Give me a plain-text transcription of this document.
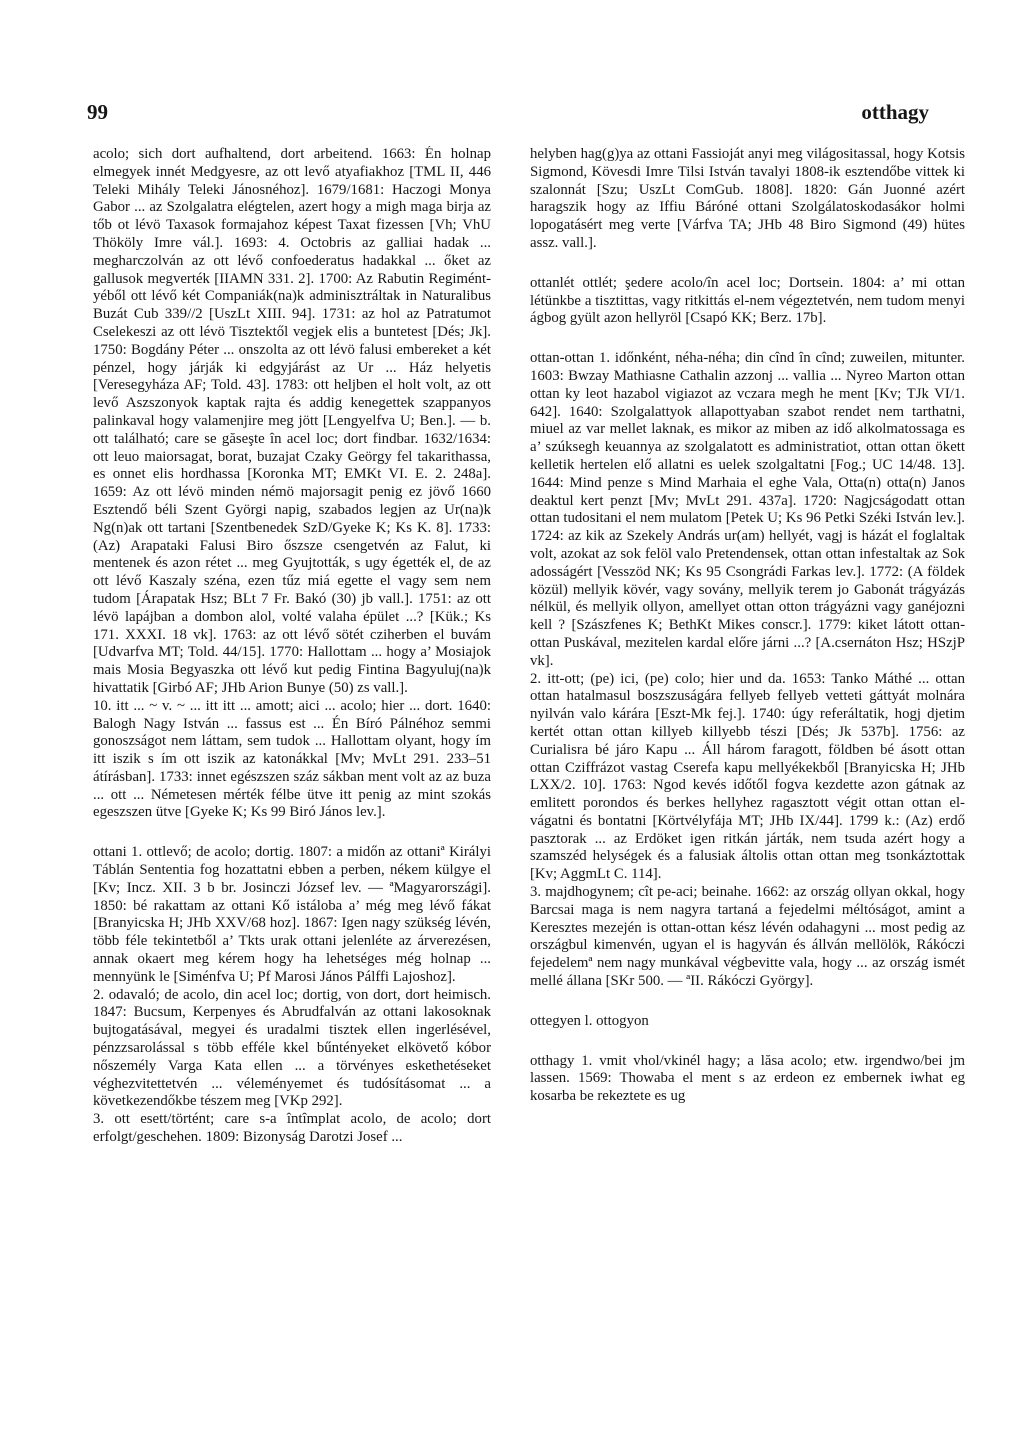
99	otthagy

acolo; sich dort aufhaltend, dort arbeitend. 1663: Én holnap elmegyek innét Medgyesre, az ott levő atyafiakhoz [TML II, 446 Teleki Mihály Teleki Jánosnéhoz]. 1679/1681: Haczogi Monya Gabor ... az Szolgalatra elégtelen, azert hogy a migh maga birja az tőb ot lévö Taxasok formajahoz képest Taxat fizessen [Vh; VhU Thököly Imre vál.]. 1693: 4. Octobris az galliai hadak ... megharczolván az ott lévő confoederatus hadakkal ... őket az gallusok megverték [IIAMN 331. 2]. 1700: Az Rabutin Regimént-yéből ott lévő két Companiák(na)k adminisztráltak in Naturalibus Buzát Cub 339//2 [UszLt XIII. 94]. 1731: az hol az Patratumot Cselekeszi az ott lévö Tisztektől vegjek elis a buntetest [Dés; Jk]. 1750: Bogdány Péter ... onszolta az ott lévö falusi embereket a két pénzel, hogy járják ki edgyjárást az Ur ... Ház helyetis [Veresegyháza AF; Told. 43]. 1783: ott heljben el holt volt, az ott levő Aszszonyok kaptak rajta és addig kenegettek szappanyos palinkaval hogy valamenjire meg jött [Lengyelfva U; Ben.]. — b. ott található; care se găseşte în acel loc; dort findbar. 1632/1634: ott leuo maiorsagat, borat, buzajat Czaky Geörgy fel takarithassa, es onnet elis hordhassa [Koronka MT; EMKt VI. E. 2. 248a]. 1659: Az ott lévö minden némö majorsagit penig ez jövő 1660 Esztendő béli Szent Györgi napig, szabados legjen az Ur(na)k Ng(n)ak ott tartani [Szentbenedek SzD/Gyeke K; Ks K. 8]. 1733: (Az) Arapataki Falusi Biro őszsze csengetvén az Falut, ki mentenek és azon rétet ... meg Gyujtották, s ugy égették el, de az ott lévő Kaszaly széna, ezen tűz miá egette el vagy sem nem tudom [Árapatak Hsz; BLt 7 Fr. Bakó (30) jb vall.]. 1751: az ott lévö lapájban a dombon alol, volté valaha épület ...? [Kük.; Ks 171. XXXI. 18 vk]. 1763: az ott lévő sötét cziherben el buvám [Udvarfva MT; Told. 44/15]. 1770: Hallottam ... hogy a’ Mosiajok mais Mosia Begyaszka ott lévő kut pedig Fintina Bagyuluj(na)k hivattatik [Girbó AF; JHb Arion Bunye (50) zs vall.].

10. itt ... ~ v. ~ ... itt itt ... amott; aici ... acolo; hier ... dort. 1640: Balogh Nagy István ... fassus est ... Én Bíró Pálnéhoz semmi gonoszságot nem láttam, sem tudok ... Hallottam olyant, hogy ím itt iszik s ím ott iszik az katonákkal [Mv; MvLt 291. 233–51 átírásban]. 1733: innet egészszen száz sákban ment volt az az buza ... ott ... Németesen mérték félbe ütve itt penig az mint szokás egeszszen ütve [Gyeke K; Ks 99 Biró János lev.].

ottani 1. ottlevő; de acolo; dortig. 1807: a midőn az ottaniª Királyi Táblán Sententia fog hozattatni ebben a perben, nékem külgye el [Kv; Incz. XII. 3 b br. Josinczi József lev. — ªMagyarországi]. 1850: bé rakattam az ottani Kő istáloba a’ még meg lévő fákat [Branyicska H; JHb XXV/68 hoz]. 1867: Igen nagy szükség lévén, több féle tekintetből a’ Tkts urak ottani jelenléte az árverezésen, annak okaert meg kérem hogy ha lehetséges még holnap ... mennyünk le [Siménfva U; Pf Marosi János Pálffi Lajoshoz].

2. odavaló; de acolo, din acel loc; dortig, von dort, dort heimisch. 1847: Bucsum, Kerpenyes és Abrudfalván az ottani lakosoknak bujtogatásával, megyei és uradalmi tisztek ellen ingerlésével, pénzzsarolással s több efféle kkel bűntényeket elkövető kóbor nőszemély Varga Kata ellen ... a törvényes eskethetéseket véghezvitettetvén ... véleményemet és tudósításomat ... a következendőkbe tészem meg [VKp 292].

3. ott esett/történt; care s-a întîmplat acolo, de acolo; dort erfolgt/geschehen. 1809: Bizonyság Darotzi Josef ...

helyben hag(g)ya az ottani Fassioját anyi meg világositassal, hogy Kotsis Sigmond, Kövesdi Imre Tilsi István tavalyi 1808-ik esztendőbe vittek ki szalonnát [Szu; UszLt ComGub. 1808]. 1820: Gán Juonné azért haragszik hogy az Iffiu Báróné ottani Szolgálatoskodasákor holmi lopogatásért meg verte [Várfva TA; JHb 48 Biro Sigmond (49) hütes assz. vall.].

ottanlét ottlét; şedere acolo/în acel loc; Dortsein. 1804: a’ mi ottan létünkbe a tisztittas, vagy ritkittás el-nem végeztetvén, nem tudom menyi ágbog gyült azon hellyröl [Csapó KK; Berz. 17b].

ottan-ottan 1. időnként, néha-néha; din cînd în cînd; zuweilen, mitunter. 1603: Bwzay Mathiasne Cathalin azzonj ... vallia ... Nyreo Marton ottan ottan ky leot hazabol vigiazot az vczara megh he ment [Kv; TJk VI/1. 642]. 1640: Szolgalattyok allapottyaban szabot rendet nem tarthatni, miuel az var mellet laknak, es mikor az miben az idő alkolmatossaga es a’ szúksegh keuannya az szolgalatott es administratiot, ottan ottan ökett kelletik hertelen elő allatni es uelek szolgaltatni [Fog.; UC 14/48. 13]. 1644: Mind penze s Mind Marhaia el eghe Vala, Otta(n) otta(n) Janos deaktul kert penzt [Mv; MvLt 291. 437a]. 1720: Nagjcságodatt ottan ottan tudositani el nem mulatom [Petek U; Ks 96 Petki Széki István lev.]. 1724: az kik az Szekely András ur(am) hellyét, vagj is házát el foglaltak volt, azokat az sok felöl valo Pretendensek, ottan ottan infestaltak az Sok adosságért [Vesszöd NK; Ks 95 Csongrádi Farkas lev.]. 1772: (A földek közül) mellyik kövér, vagy sovány, mellyik terem jo Gabonát trágyázás nélkül, és mellyik ollyon, amellyet ottan otton trágyázni vagy ganéjozni kell ? [Szászfenes K; BethKt Mikes conscr.]. 1779: kiket látott ottan-ottan Puskával, mezitelen kardal előre járni ...? [A.csernáton Hsz; HSzjP vk].

2. itt-ott; (pe) ici, (pe) colo; hier und da. 1653: Tanko Máthé ... ottan ottan hatalmasul boszszuságára fellyeb fellyeb vetteti gáttyát molnára nyilván valo kárára [Eszt-Mk fej.]. 1740: úgy referáltatik, hogj djetim kertét ottan ottan killyeb killyebb tészi [Dés; Jk 537b]. 1756: az Curialisra bé járo Kapu ... Áll három faragott, földben bé ásott ottan ottan Cziffrázot vastag Cserefa kapu mellyékekből [Branyicska H; JHb LXX/2. 10]. 1763: Ngod kevés időtől fogva kezdette azon gátnak az emlitett porondos és berkes hellyhez ragasztott végit ottan ottan el-vágatni és bontatni [Körtvélyfája MT; JHb IX/44]. 1799 k.: (Az) erdő pasztorak ... az Erdöket igen ritkán járták, nem tsuda azért hogy a szamszéd helységek és a falusiak áltolis ottan ottan meg tsonkáztottak [Kv; AggmLt C. 114].

3. majdhogynem; cît pe-aci; beinahe. 1662: az ország ollyan okkal, hogy Barcsai maga is nem nagyra tartaná a fejedelmi méltóságot, amint a Keresztes mezején is ottan-ottan kész lévén odahagyni ... most pedig az országbul kimenvén, ugyan el is hagyván és állván mellölök, Rákóczi fejedelemª nem nagy munkával végbevitte vala, hogy ... az ország ismét mellé állana [SKr 500. — ªII. Rákóczi György].

ottegyen l. ottogyon

otthagy 1. vmit vhol/vkinél hagy; a lăsa acolo; etw. irgendwo/bei jm lassen. 1569: Thowaba el ment s az erdeon ez embernek iwhat eg kosarba be rekeztete es ug
